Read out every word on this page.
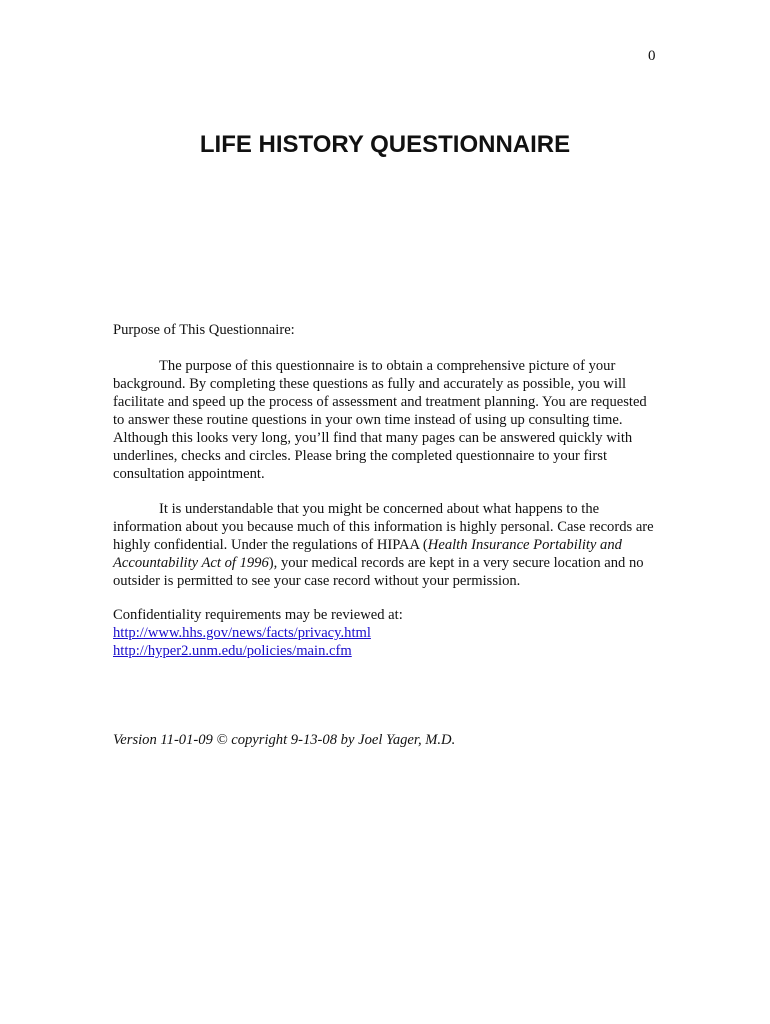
0
LIFE HISTORY QUESTIONNAIRE

Purpose of This Questionnaire:

The purpose of this questionnaire is to obtain a comprehensive picture of your background. By completing these questions as fully and accurately as possible, you will facilitate and speed up the process of assessment and treatment planning. You are requested to answer these routine questions in your own time instead of using up consulting time. Although this looks very long, you’ll find that many pages can be answered quickly with underlines, checks and circles. Please bring the completed questionnaire to your first consultation appointment.

It is understandable that you might be concerned about what happens to the information about you because much of this information is highly personal. Case records are highly confidential. Under the regulations of HIPAA (Health Insurance Portability and Accountability Act of 1996), your medical records are kept in a very secure location and no outsider is permitted to see your case record without your permission.

Confidentiality requirements may be reviewed at:
http://www.hhs.gov/news/facts/privacy.html
http://hyper2.unm.edu/policies/main.cfm

Version 11-01-09 © copyright 9-13-08 by Joel Yager, M.D.
